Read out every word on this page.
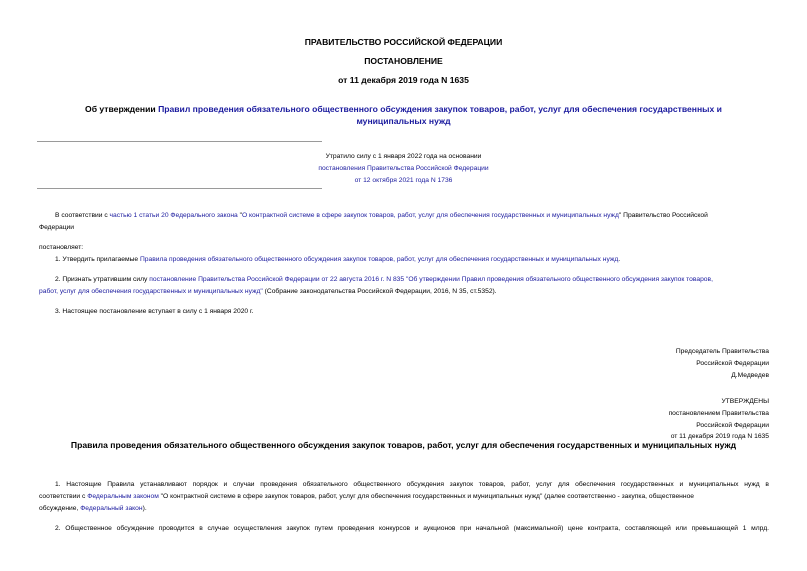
ПРАВИТЕЛЬСТВО РОССИЙСКОЙ ФЕДЕРАЦИИ
ПОСТАНОВЛЕНИЕ
от 11 декабря 2019 года N 1635
Об утверждении Правил проведения обязательного общественного обсуждения закупок товаров, работ, услуг для обеспечения государственных и
муниципальных нужд
Утратило силу с 1 января 2022 года на основании
постановления Правительства Российской Федерации
от 12 октября 2021 года N 1736
В соответствии с частью 1 статьи 20 Федерального закона "О контрактной системе в сфере закупок товаров, работ, услуг для обеспечения государственных и муниципальных нужд" Правительство Российской
Федерации
постановляет:
1. Утвердить прилагаемые Правила проведения обязательного общественного обсуждения закупок товаров, работ, услуг для обеспечения государственных и муниципальных нужд.
2. Признать утратившим силу постановление Правительства Российской Федерации от 22 августа 2016 г. N 835 "Об утверждении Правил проведения обязательного общественного обсуждения закупок товаров,
работ, услуг для обеспечения государственных и муниципальных нужд" (Собрание законодательства Российской Федерации, 2016, N 35, ст.5352).
3. Настоящее постановление вступает в силу с 1 января 2020 г.
Председатель Правительства
Российской Федерации
Д.Медведев
УТВЕРЖДЕНЫ
постановлением Правительства
Российской Федерации
от 11 декабря 2019 года N 1635
Правила проведения обязательного общественного обсуждения закупок товаров, работ, услуг для обеспечения государственных и муниципальных нужд
1. Настоящие Правила устанавливают порядок и случаи проведения обязательного общественного обсуждения закупок товаров, работ, услуг для обеспечения государственных и муниципальных нужд в
соответствии с Федеральным законом "О контрактной системе в сфере закупок товаров, работ, услуг для обеспечения государственных и муниципальных нужд" (далее соответственно - закупка, общественное
обсуждение, Федеральный закон).
2. Общественное обсуждение проводится в случае осуществления закупок путем проведения конкурсов и аукционов при начальной (максимальной) цене контракта, составляющей или превышающей 1 млрд.
